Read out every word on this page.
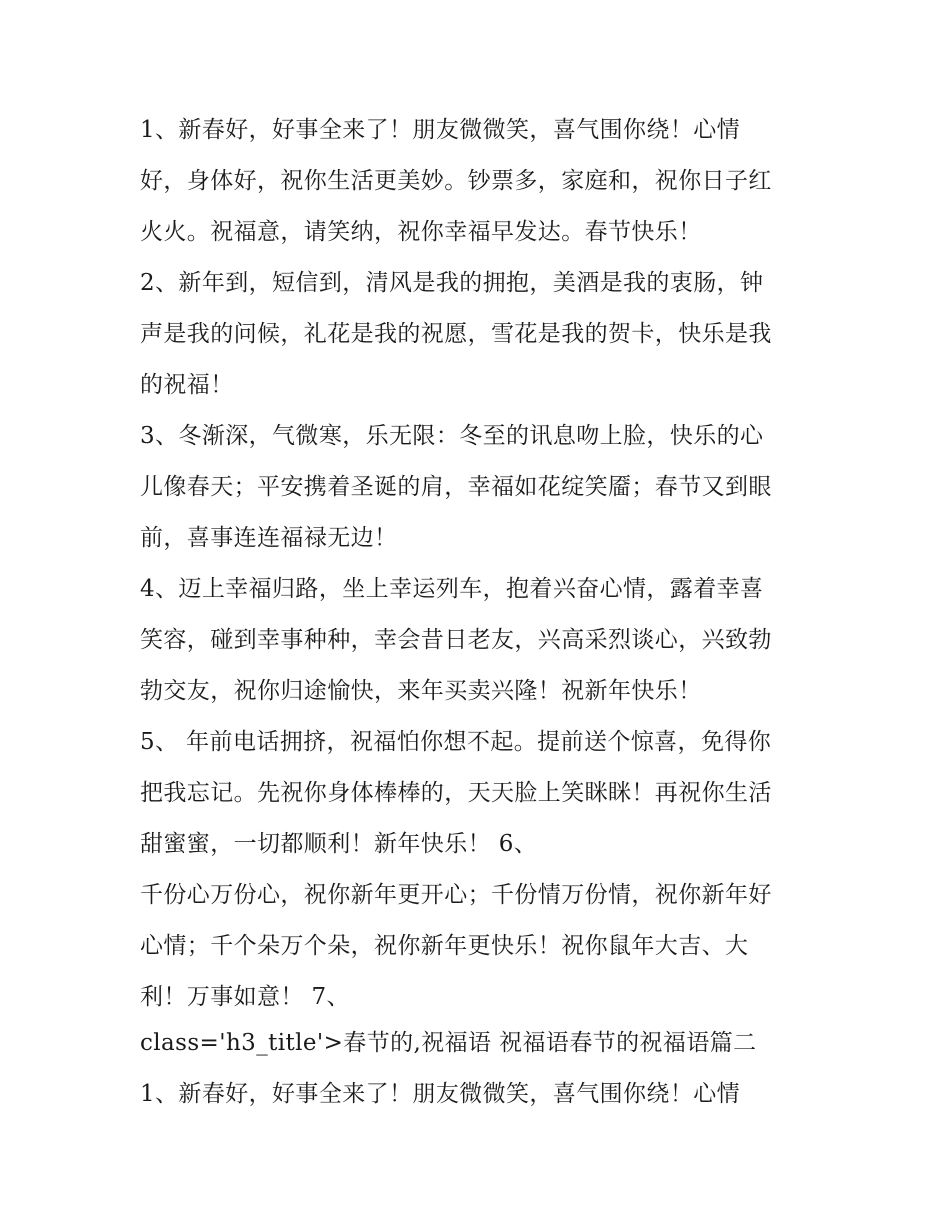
1、新春好，好事全来了！朋友微微笑，喜气围你绕！心情
好，身体好，祝你生活更美妙。钞票多，家庭和，祝你日子红
火火。祝福意，请笑纳，祝你幸福早发达。春节快乐！
2、新年到，短信到，清风是我的拥抱，美酒是我的衷肠，钟
声是我的问候，礼花是我的祝愿，雪花是我的贺卡，快乐是我
的祝福！
3、冬渐深，气微寒，乐无限：冬至的讯息吻上脸，快乐的心
儿像春天；平安携着圣诞的肩，幸福如花绽笑靥；春节又到眼
前，喜事连连福禄无边！
4、迈上幸福归路，坐上幸运列车，抱着兴奋心情，露着幸喜
笑容，碰到幸事种种，幸会昔日老友，兴高采烈谈心，兴致勃
勃交友，祝你归途愉快，来年买卖兴隆！祝新年快乐！
5、 年前电话拥挤，祝福怕你想不起。提前送个惊喜，免得你
把我忘记。先祝你身体棒棒的，天天脸上笑眯眯！再祝你生活
甜蜜蜜，一切都顺利！新年快乐！ 6、
千份心万份心，祝你新年更开心；千份情万份情，祝你新年好
心情；千个朵万个朵，祝你新年更快乐！祝你鼠年大吉、大
利！万事如意！ 7、
class='h3_title'>春节的,祝福语 祝福语春节的祝福语篇二
1、新春好，好事全来了！朋友微微笑，喜气围你绕！心情
